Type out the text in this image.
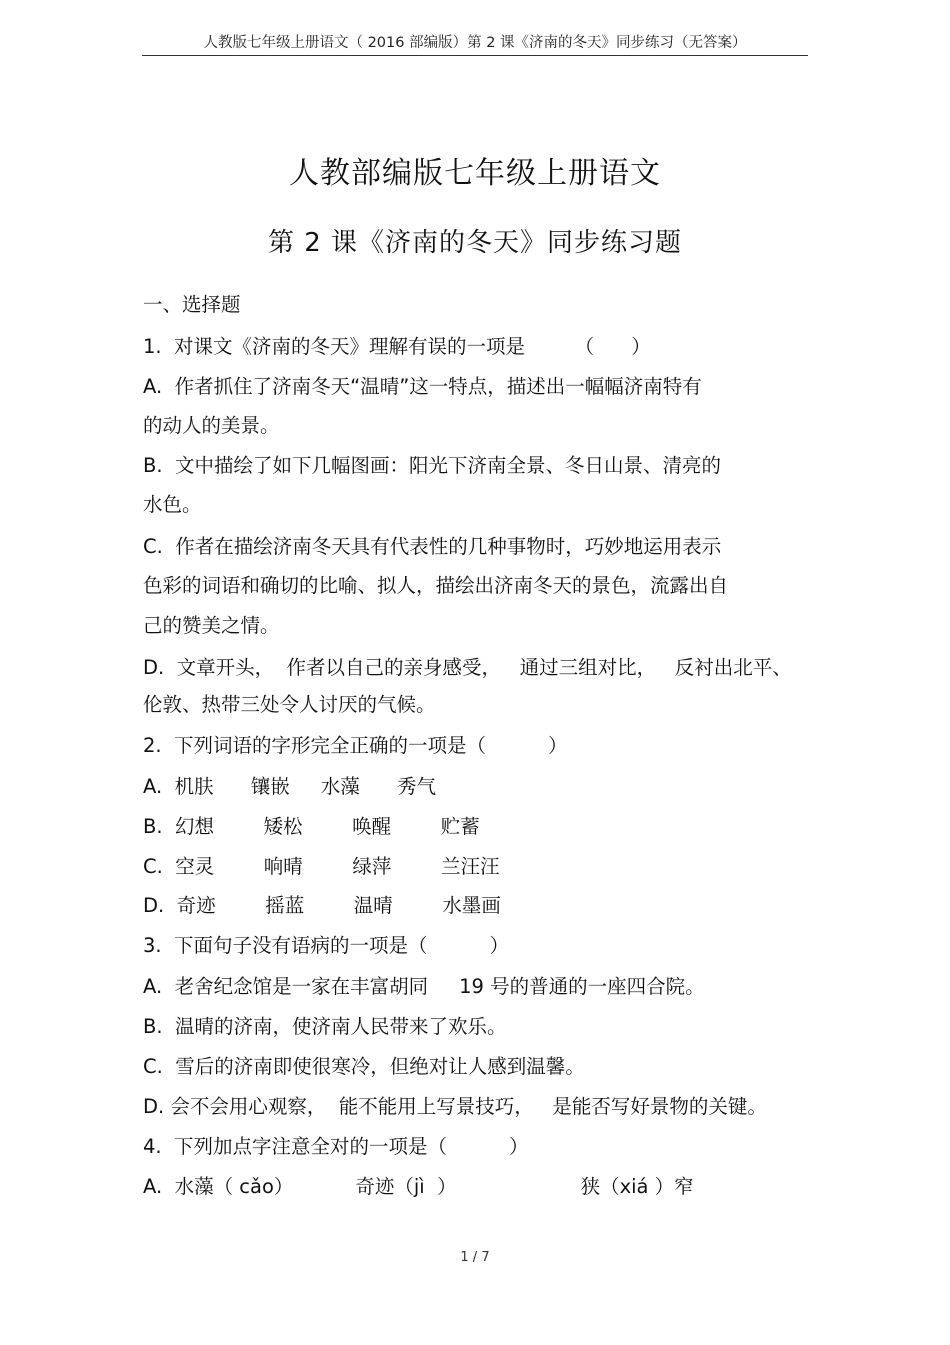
人教版七年级上册语文（ 2016 部编版）第 2 课《济南的冬天》同步练习（无答案）
人教部编版七年级上册语文
第 2 课《济南的冬天》同步练习题
一、选择题
1.  对课文《济南的冬天》理解有误的一项是        （      ）
A.  作者抓住了济南冬天“温晴”这一特点，描述出一幅幅济南特有
的动人的美景。
B.  文中描绘了如下几幅图画：阳光下济南全景、冬日山景、清亮的
水色。
C.  作者在描绘济南冬天具有代表性的几种事物时，巧妙地运用表示
色彩的词语和确切的比喻、拟人，描绘出济南冬天的景色，流露出自
己的赞美之情。
D.  文章开头，  作者以自己的亲身感受，   通过三组对比，   反衬出北平、
伦敦、热带三处令人讨厌的气候。
2.  下列词语的字形完全正确的一项是（          ）
A.  机肤      镶嵌     水藻      秀气
B.  幻想        矮松        唤醒        贮蓄
C.  空灵        响晴        绿萍        兰汪汪
D.  奇迹        摇蓝        温晴        水墨画
3.  下面句子没有语病的一项是（          ）
A.  老舍纪念馆是一家在丰富胡同     19 号的普通的一座四合院。
B.  温晴的济南，使济南人民带来了欢乐。
C.  雪后的济南即使很寒冷，但绝对让人感到温馨。
D. 会不会用心观察，  能不能用上写景技巧，   是能否写好景物的关键。
4.  下列加点字注意全对的一项是（          ）
A.  水藻（ cǎo）          奇迹（jì  ）                    狭（xiá ）窄
1 / 7
